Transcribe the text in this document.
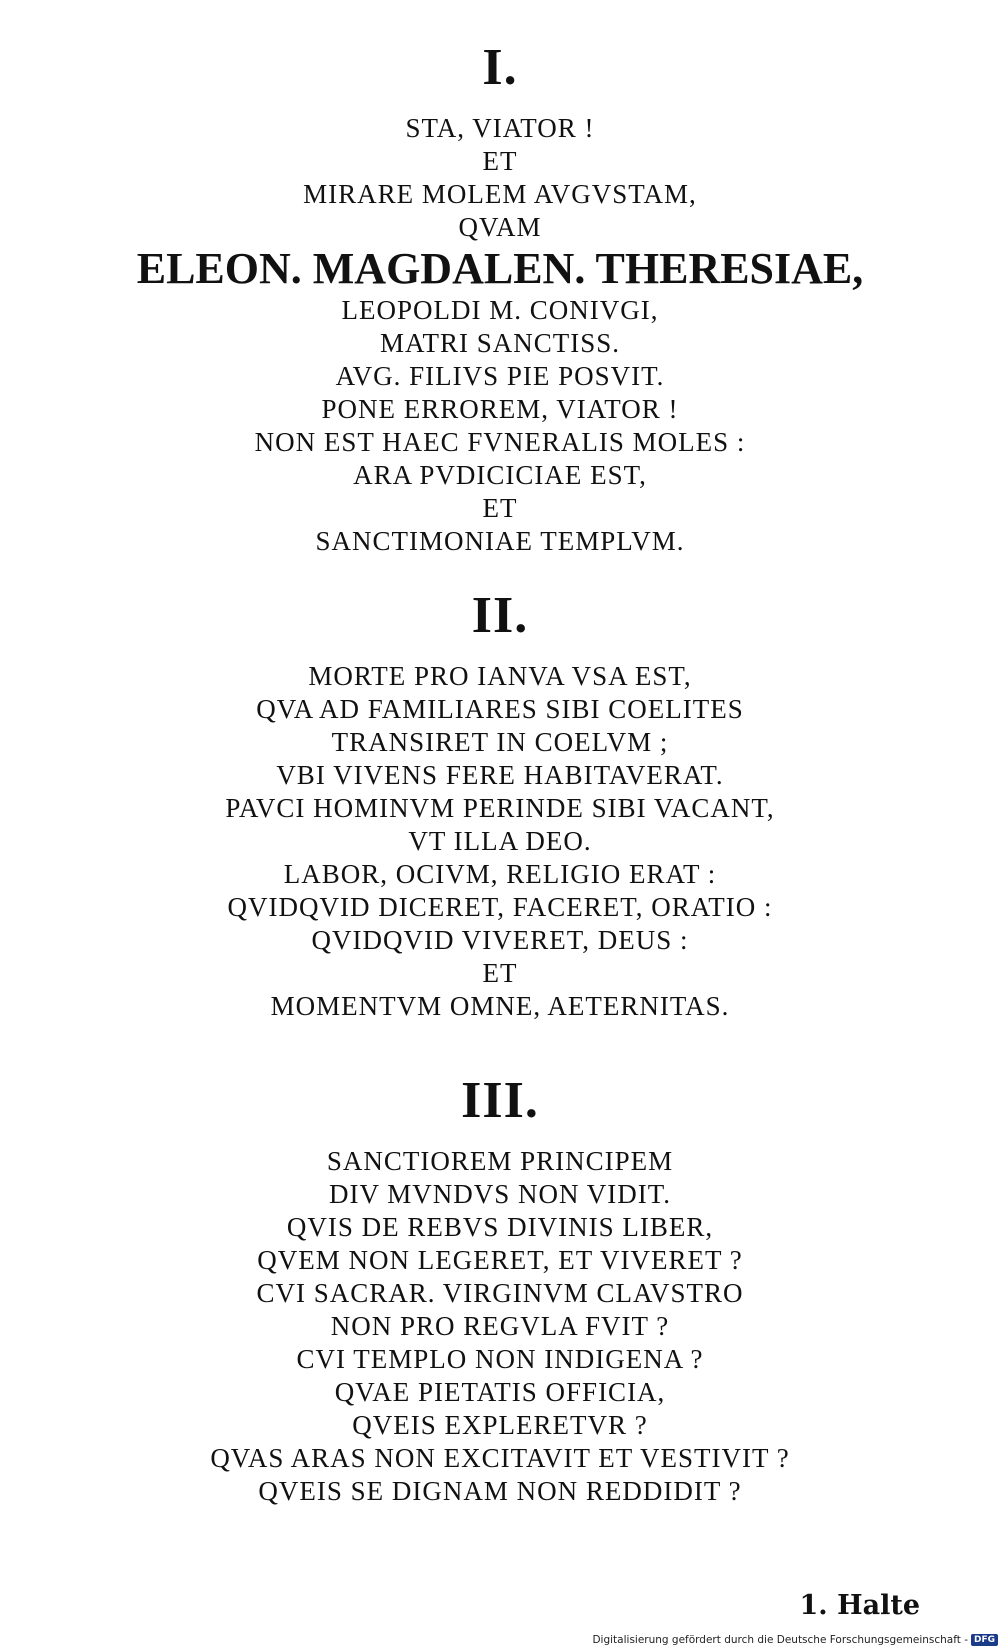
I.
STA, VIATOR !
ET
MIRARE MOLEM AVGVSTAM,
QVAM
ELEON. MAGDALEN. THERESIAE,
LEOPOLDI M. CONIVGI,
MATRI SANCTISS.
AVG. FILIVS PIE POSVIT.
PONE ERROREM, VIATOR !
NON EST HAEC FVNERALIS MOLES :
ARA PVDICICIAE EST,
ET
SANCTIMONIAE TEMPLVM.
II.
MORTE PRO IANVA VSA EST,
QVA AD FAMILIARES SIBI COELITES
TRANSIRET IN COELVM ;
VBI VIVENS FERE HABITAVERAT.
PAVCI HOMINVM PERINDE SIBI VACANT,
VT ILLA DEO.
LABOR, OCIVM, RELIGIO ERAT :
QVIDQVID DICERET, FACERET, ORATIO :
QVIDQVID VIVERET, DEUS :
ET
MOMENTVM OMNE, AETERNITAS.
III.
SANCTIOREM PRINCIPEM
DIV MVNDVS NON VIDIT.
QVIS DE REBVS DIVINIS LIBER,
QVEM NON LEGERET, ET VIVERET ?
CVI SACRAR. VIRGINVM CLAVSTRO
NON PRO REGVLA FVIT ?
CVI TEMPLO NON INDIGENA ?
QVAE PIETATIS OFFICIA,
QVEIS EXPLERETVR ?
QVAS ARAS NON EXCITAVIT ET VESTIVIT ?
QVEIS SE DIGNAM NON REDDIDIT ?
1. Halte
Digitalisierung gefördert durch die Deutsche Forschungsgemeinschaft - DFG
